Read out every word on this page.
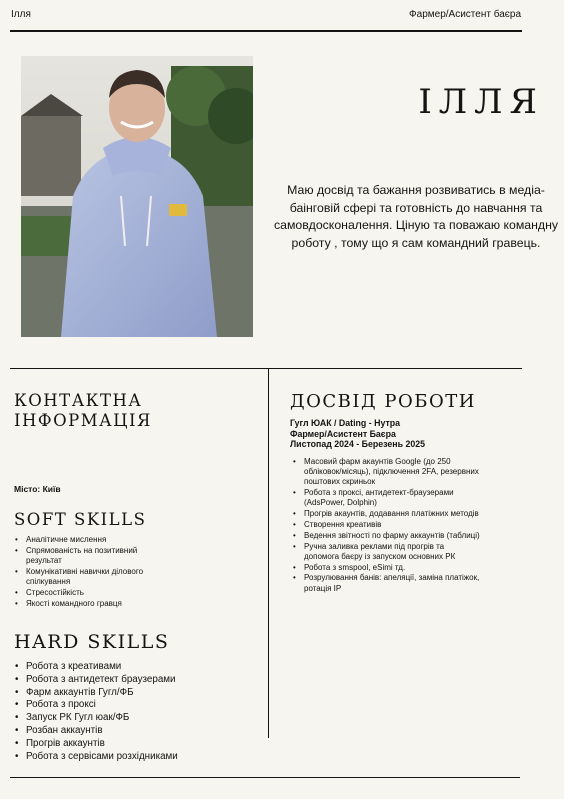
Ілля	Фармер/Асистент баєра
ІЛЛЯ
Маю досвід та бажання розвиватись в медіа-баінговій сфері та готовність до навчання та самовдосконалення. Ціную та поважаю командну роботу , тому що я сам командний гравець.
КОНТАКТНА ІНФОРМАЦІЯ
Місто: Київ
SOFT SKILLS
• Аналітичне мислення
• Спрямованість на позитивний результат
• Комунікативні навички ділового спілкування
• Стресостійкість
• Якості командного гравця
HARD SKILLS
• Робота з креативами
• Робота з антидетект браузерами
• Фарм аккаунтів Гугл/ФБ
• Робота з проксі
• Запуск РК Гугл юак/ФБ
• Розбан аккаунтів
• Прогрів аккаунтів
• Робота з сервісами розхідниками
ДОСВІД РОБОТИ
Гугл ЮАК / Dating - Нутра
Фармер/Асистент Баєра
Листопад 2024 - Березень 2025
• Масовий фарм акаунтів Google (до 250 обліковок/місяць), підключення 2FA, резервних поштових скриньок
• Робота з проксі, антидетект-браузерами (AdsPower, Dolphin)
• Прогрів акаунтів, додавання платіжних методів
• Створення креативів
• Ведення звітності по фарму аккаунтів (таблиці)
• Ручна заливка реклами під прогрів та допомога баєру із запуском основних РК
• Робота з smspool, eSimі тд.
• Розрулювання банів: апеляції, заміна платіжок, ротація IP
